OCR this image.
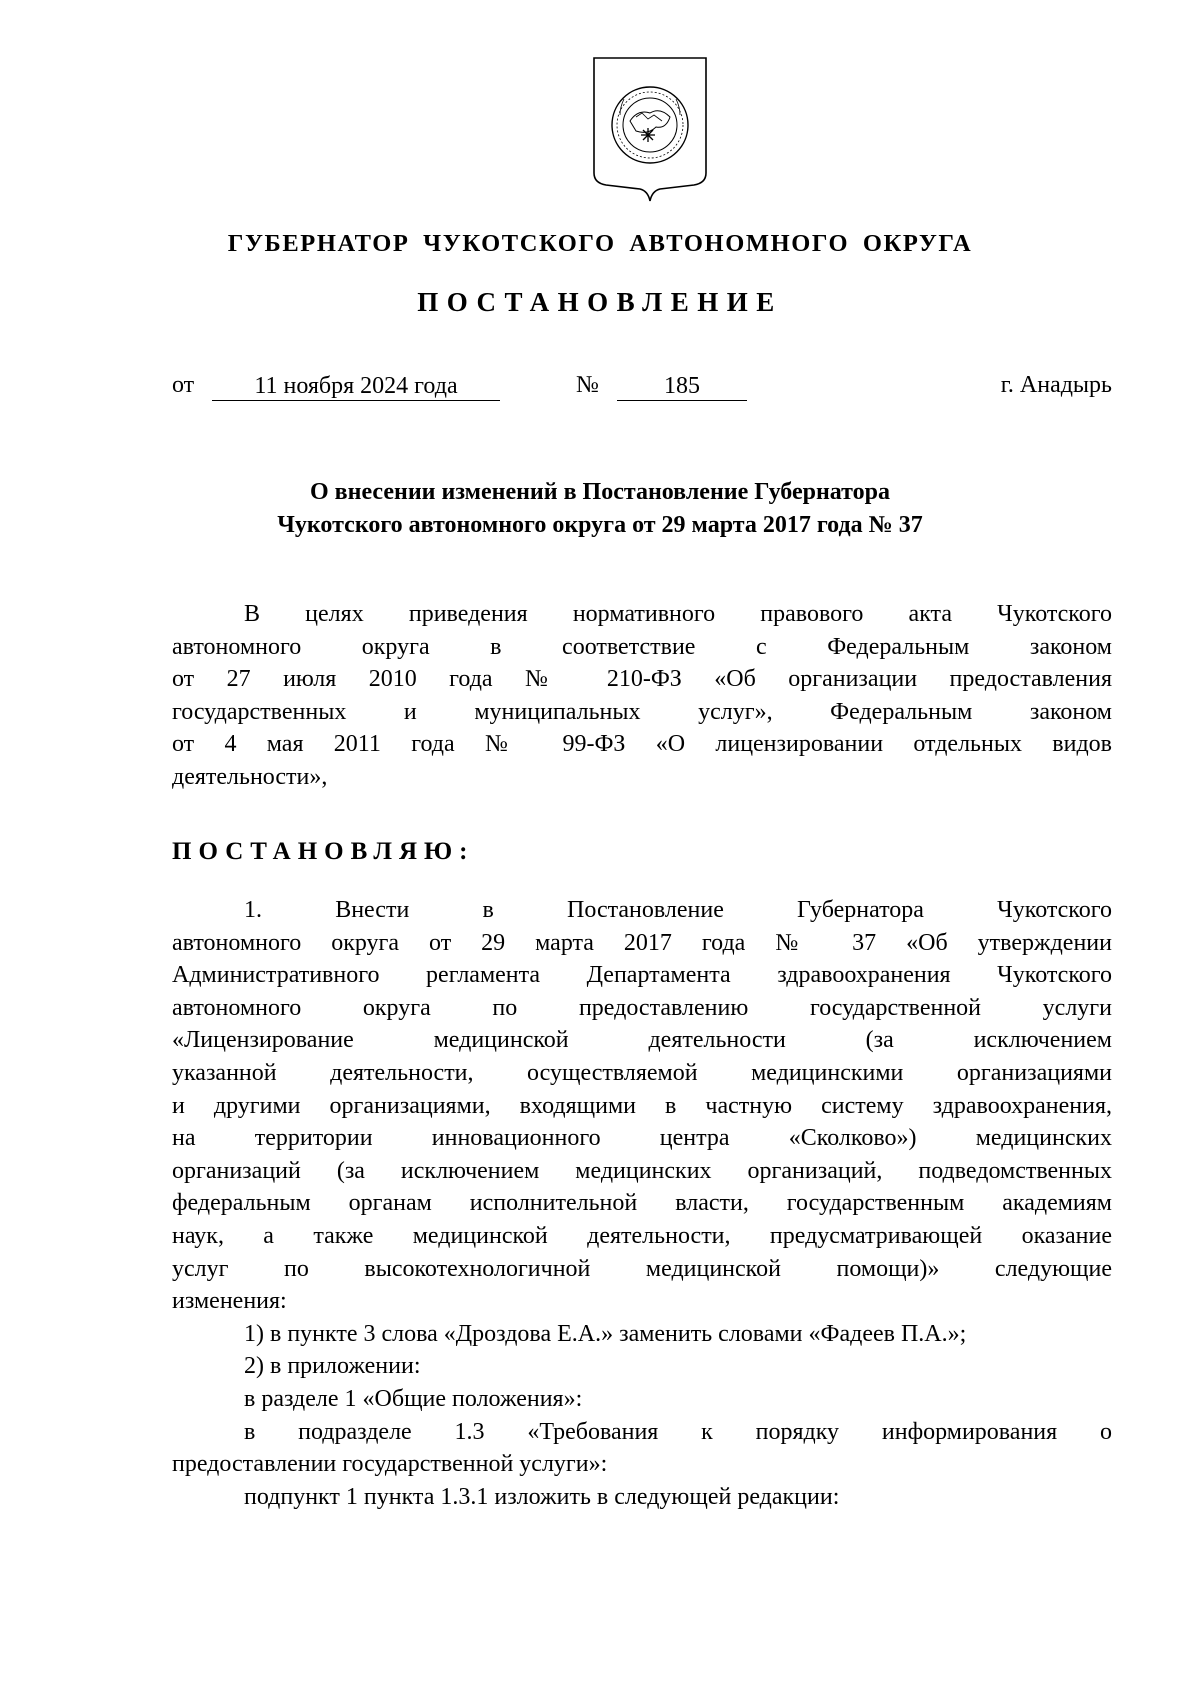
ГУБЕРНАТОР ЧУКОТСКОГО АВТОНОМНОГО ОКРУГА
ПОСТАНОВЛЕНИЕ
от	11 ноября 2024 года	№	185	г. Анадырь
О внесении изменений в Постановление Губернатора
Чукотского автономного округа от 29 марта 2017 года № 37
В целях приведения нормативного правового акта Чукотского
автономного округа в соответствие с Федеральным законом
от 27 июля 2010 года № 210-ФЗ «Об организации предоставления
государственных и муниципальных услуг», Федеральным законом
от 4 мая 2011 года № 99-ФЗ «О лицензировании отдельных видов
деятельности»,
ПОСТАНОВЛЯЮ:
1. Внести в Постановление Губернатора Чукотского
автономного округа от 29 марта 2017 года № 37 «Об утверждении
Административного регламента Департамента здравоохранения Чукотского
автономного округа по предоставлению государственной услуги
«Лицензирование медицинской деятельности (за исключением
указанной деятельности, осуществляемой медицинскими организациями
и другими организациями, входящими в частную систему здравоохранения,
на территории инновационного центра «Сколково») медицинских
организаций (за исключением медицинских организаций, подведомственных
федеральным органам исполнительной власти, государственным академиям
наук, а также медицинской деятельности, предусматривающей оказание
услуг по высокотехнологичной медицинской помощи)» следующие
изменения:
1) в пункте 3 слова «Дроздова Е.А.» заменить словами «Фадеев П.А.»;
2) в приложении:
в разделе 1 «Общие положения»:
в подразделе 1.3 «Требования к порядку информирования о
предоставлении государственной услуги»:
подпункт 1 пункта 1.3.1 изложить в следующей редакции:
